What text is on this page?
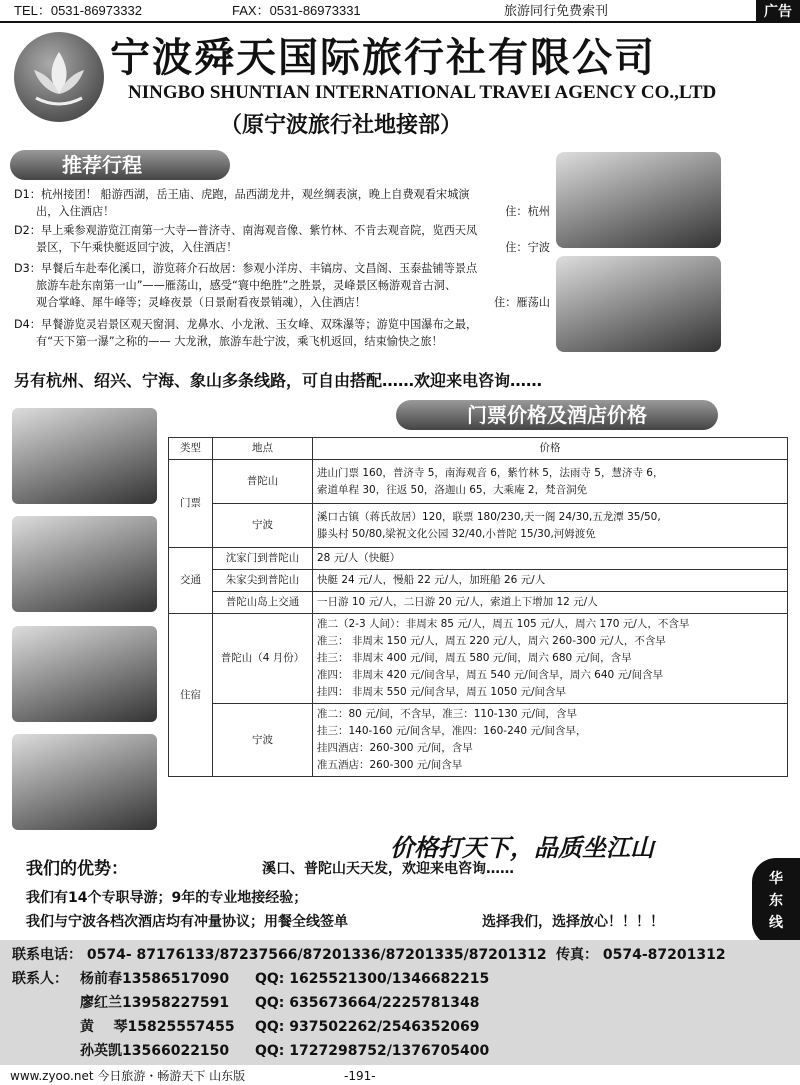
TEL：0531-86973332	FAX：0531-86973331	旅游同行免费索刊	广告
宁波舜天国际旅行社有限公司
NINGBO SHUNTIAN INTERNATIONAL TRAVEI AGENCY CO.,LTD
（原宁波旅行社地接部）
推荐行程
D1：杭州接团！ 船游西湖，岳王庙、虎跑，品西湖龙井，观丝绸表演，晚上自费观看宋城演
出，入住酒店！	住：杭州
D2：早上乘参观游览江南第一大寺—普济寺、南海观音像、紫竹林、不肯去观音院，览西天凤
景区，下午乘快艇返回宁波，入住酒店！	住：宁波
D3：早餐后车赴奉化溪口，游览蒋介石故居：参观小洋房、丰镐房、文昌阁、玉泰盐铺等景点
旅游车赴东南第一山”——雁荡山，感受“寰中绝胜”之胜景，灵峰景区畅游观音古洞、
观合掌峰、犀牛峰等；灵峰夜景（日景耐看夜景销魂），入住酒店！	住：雁荡山
D4：早餐游览灵岩景区观天窗洞、龙鼻水、小龙湫、玉女峰、双珠瀑等；游览中国瀑布之最，
有“天下第一瀑”之称的—— 大龙湫，旅游车赴宁波，乘飞机返回，结束愉快之旅！
另有杭州、绍兴、宁海、象山多条线路，可自由搭配……欢迎来电咨询……
门票价格及酒店价格
类型	地点	价格
门票	普陀山	进山门票 160，普济寺 5，南海观音 6，紫竹林 5，法雨寺 5，慧济寺 6，
索道单程 30，往返 50，洛迦山 65，大乘庵 2，梵音洞免

	宁波	溪口古镇（蒋氏故居）120，联票 180/230,天一阁 24/30,五龙潭 35/50,
滕头村 50/80,梁祝文化公园 32/40,小普陀 15/30,河姆渡免

交通	沈家门到普陀山	28 元/人（快艇）
	朱家尖到普陀山	快艇 24 元/人，慢船 22 元/人，加班船 26 元/人
	普陀山岛上交通	一日游 10 元/人，二日游 20 元/人，索道上下增加 12 元/人
住宿	普陀山（4 月份）	准二（2-3 人间）：非周末 85 元/人，周五 105 元/人，周六 170 元/人，不含早
准三： 非周末 150 元/人，周五 220 元/人，周六 260-300 元/人，不含早
挂三： 非周末 400 元/间，周五 580 元/间，周六 680 元/间，含早
准四： 非周末 420 元/间含早，周五 540 元/间含早，周六 640 元/间含早
挂四： 非周末 550 元/间含早，周五 1050 元/间含早

	宁波	准二：80 元/间，不含早，准三：110-130 元/间，含早
挂三：140-160 元/间含早，准四：160-240 元/间含早，
挂四酒店：260-300 元/间，含早
准五酒店：260-300 元/间含早
价格打天下，品质坐江山
我们的优势：	溪口、普陀山天天发，欢迎来电咨询……
我们有14个专职导游；9年的专业地接经验；
我们与宁波各档次酒店均有冲量协议；用餐全线签单	选择我们，选择放心！！！！
华
东
线
联系电话： 0574- 87176133/87237566/87201336/87201335/87201312 传真： 0574-87201312
联系人： 杨前春13586517090 QQ: 1625521300/1346682215
廖红兰13958227591 QQ: 635673664/2225781348
黄    琴15825557455 QQ: 937502262/2546352069
孙英凯13566022150 QQ: 1727298752/1376705400
www.zyoo.net 今日旅游・畅游天下 山东版	-191-
